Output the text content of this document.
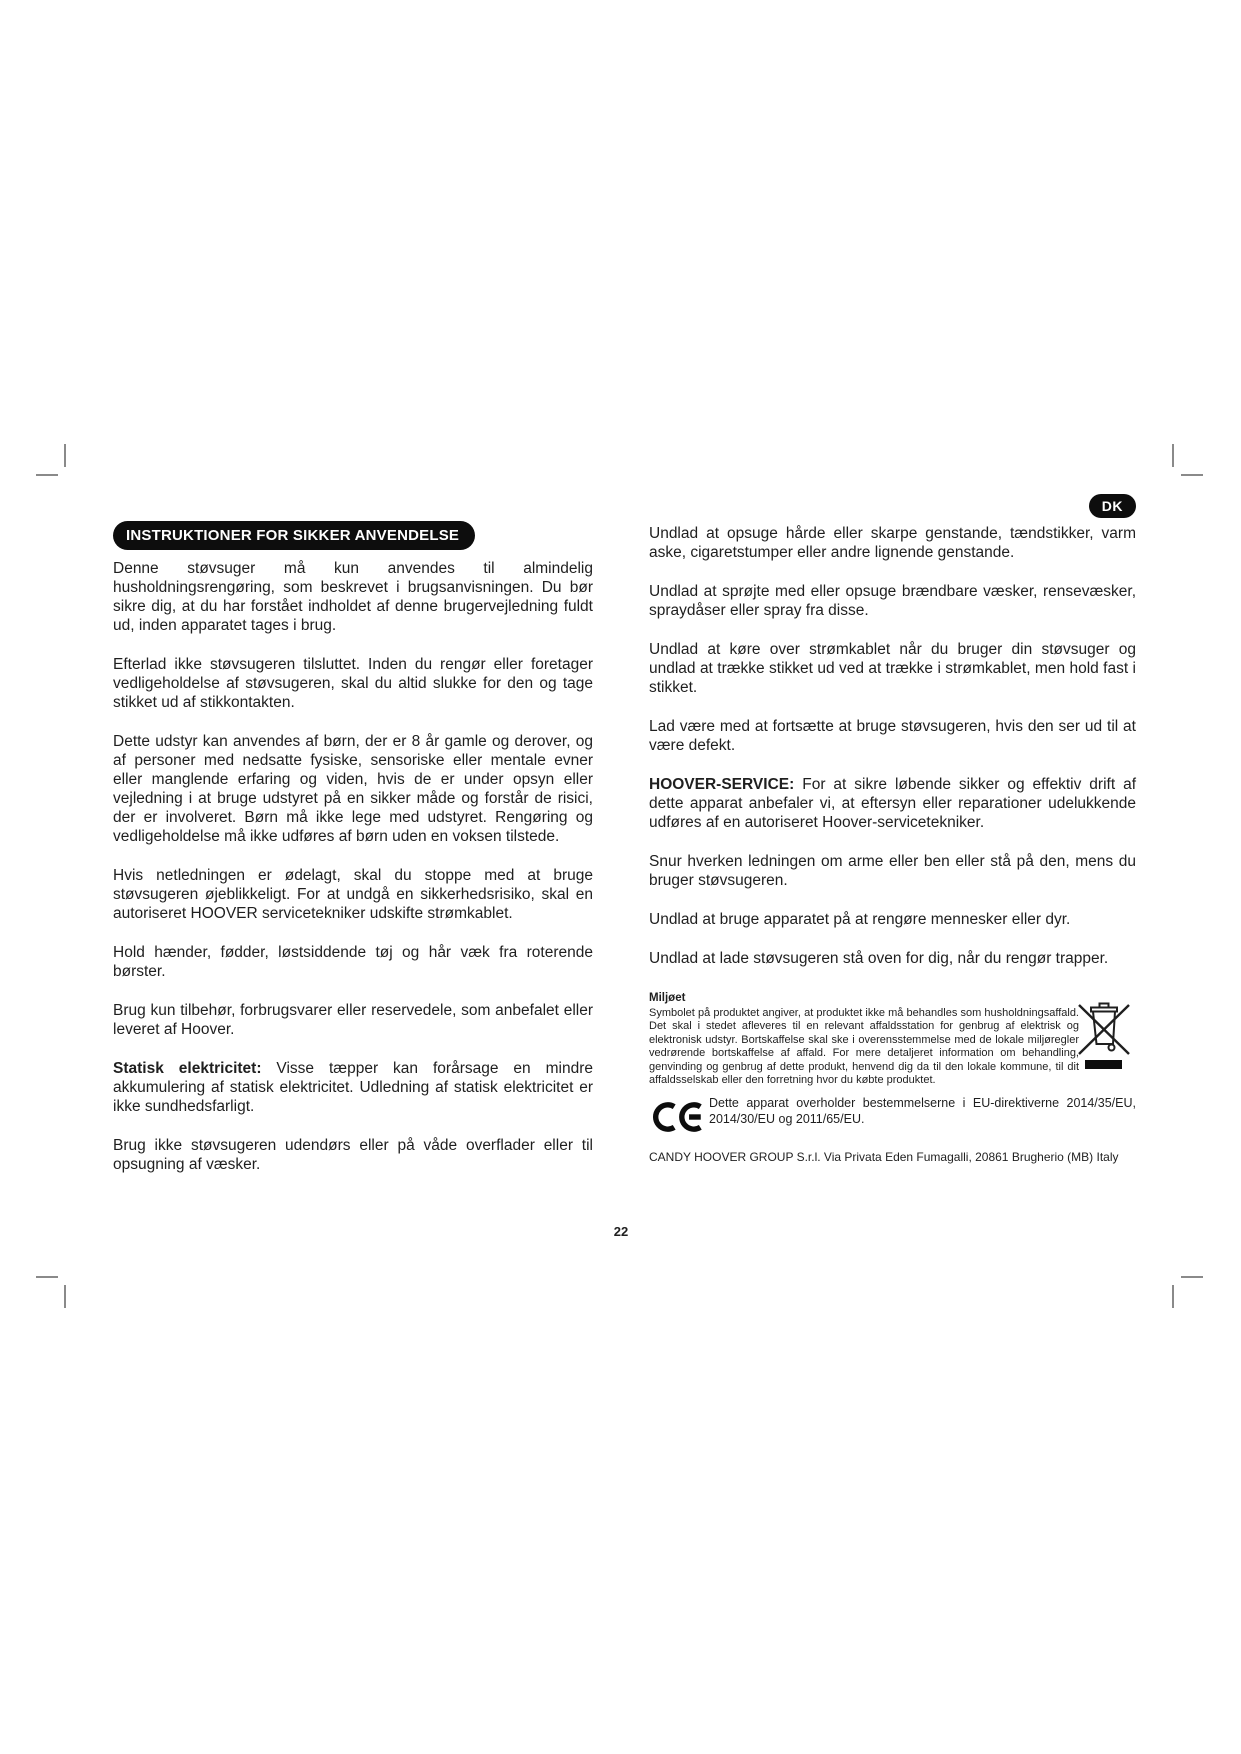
INSTRUKTIONER FOR SIKKER ANVENDELSE

Denne støvsuger må kun anvendes til almindelig husholdningsrengøring, som beskrevet i brugsanvisningen. Du bør sikre dig, at du har forstået indholdet af denne brugervejledning fuldt ud, inden apparatet tages i brug.

Efterlad ikke støvsugeren tilsluttet. Inden du rengør eller foretager vedligeholdelse af støvsugeren, skal du altid slukke for den og tage stikket ud af stikkontakten.

Dette udstyr kan anvendes af børn, der er 8 år gamle og derover, og af personer med nedsatte fysiske, sensoriske eller mentale evner eller manglende erfaring og viden, hvis de er under opsyn eller vejledning i at bruge udstyret på en sikker måde og forstår de risici, der er involveret. Børn må ikke lege med udstyret. Rengøring og vedligeholdelse må ikke udføres af børn uden en voksen tilstede.

Hvis netledningen er ødelagt, skal du stoppe med at bruge støvsugeren øjeblikkeligt. For at undgå en sikkerhedsrisiko, skal en autoriseret HOOVER servicetekniker udskifte strømkablet.

Hold hænder, fødder, løstsiddende tøj og hår væk fra roterende børster.

Brug kun tilbehør, forbrugsvarer eller reservedele, som anbefalet eller leveret af Hoover.

Statisk elektricitet: Visse tæpper kan forårsage en mindre akkumulering af statisk elektricitet. Udledning af statisk elektricitet er ikke sundhedsfarligt.

Brug ikke støvsugeren udendørs eller på våde overflader eller til opsugning af væsker.

DK

Undlad at opsuge hårde eller skarpe genstande, tændstikker, varm aske, cigaretstumper eller andre lignende genstande.

Undlad at sprøjte med eller opsuge brændbare væsker, rensevæsker, spraydåser eller spray fra disse.

Undlad at køre over strømkablet når du bruger din støvsuger og undlad at trække stikket ud ved at trække i strømkablet, men hold fast i stikket.

Lad være med at fortsætte at bruge støvsugeren, hvis den ser ud til at være defekt.

HOOVER-SERVICE: For at sikre løbende sikker og effektiv drift af dette apparat anbefaler vi, at eftersyn eller reparationer udelukkende udføres af en autoriseret Hoover-servicetekniker.

Snur hverken ledningen om arme eller ben eller stå på den, mens du bruger støvsugeren.

Undlad at bruge apparatet på at rengøre mennesker eller dyr.

Undlad at lade støvsugeren stå oven for dig, når du rengør trapper.

Miljøet

Symbolet på produktet angiver, at produktet ikke må behandles som husholdningsaffald. Det skal i stedet afleveres til en relevant affaldsstation for genbrug af elektrisk og elektronisk udstyr. Bortskaffelse skal ske i overensstemmelse med de lokale miljøregler vedrørende bortskaffelse af affald. For mere detaljeret information om behandling, genvinding og genbrug af dette produkt, henvend dig da til den lokale kommune, til dit affaldsselskab eller den forretning hvor du købte produktet.

Dette apparat overholder bestemmelserne i EU-direktiverne 2014/35/EU, 2014/30/EU og 2011/65/EU.

CANDY HOOVER GROUP S.r.l. Via Privata Eden Fumagalli, 20861 Brugherio (MB) Italy

22
